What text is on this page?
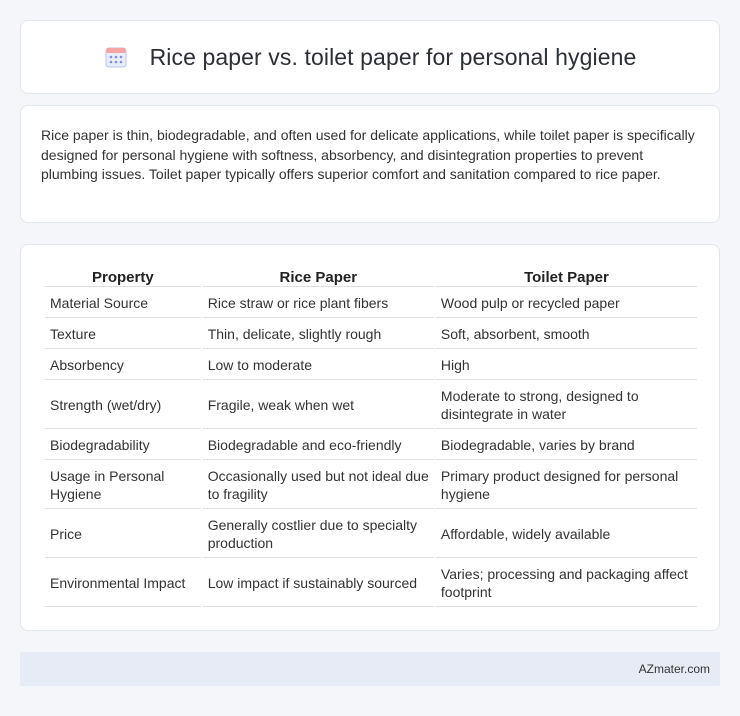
Rice paper vs. toilet paper for personal hygiene

Rice paper is thin, biodegradable, and often used for delicate applications, while toilet paper is specifically designed for personal hygiene with softness, absorbency, and disintegration properties to prevent plumbing issues. Toilet paper typically offers superior comfort and sanitation compared to rice paper.

Property	Rice Paper	Toilet Paper
Material Source	Rice straw or rice plant fibers	Wood pulp or recycled paper
Texture	Thin, delicate, slightly rough	Soft, absorbent, smooth
Absorbency	Low to moderate	High
Strength (wet/dry)	Fragile, weak when wet	Moderate to strong, designed to disintegrate in water
Biodegradability	Biodegradable and eco-friendly	Biodegradable, varies by brand
Usage in Personal Hygiene	Occasionally used but not ideal due to fragility	Primary product designed for personal hygiene
Price	Generally costlier due to specialty production	Affordable, widely available
Environmental Impact	Low impact if sustainably sourced	Varies; processing and packaging affect footprint
AZmater.com
